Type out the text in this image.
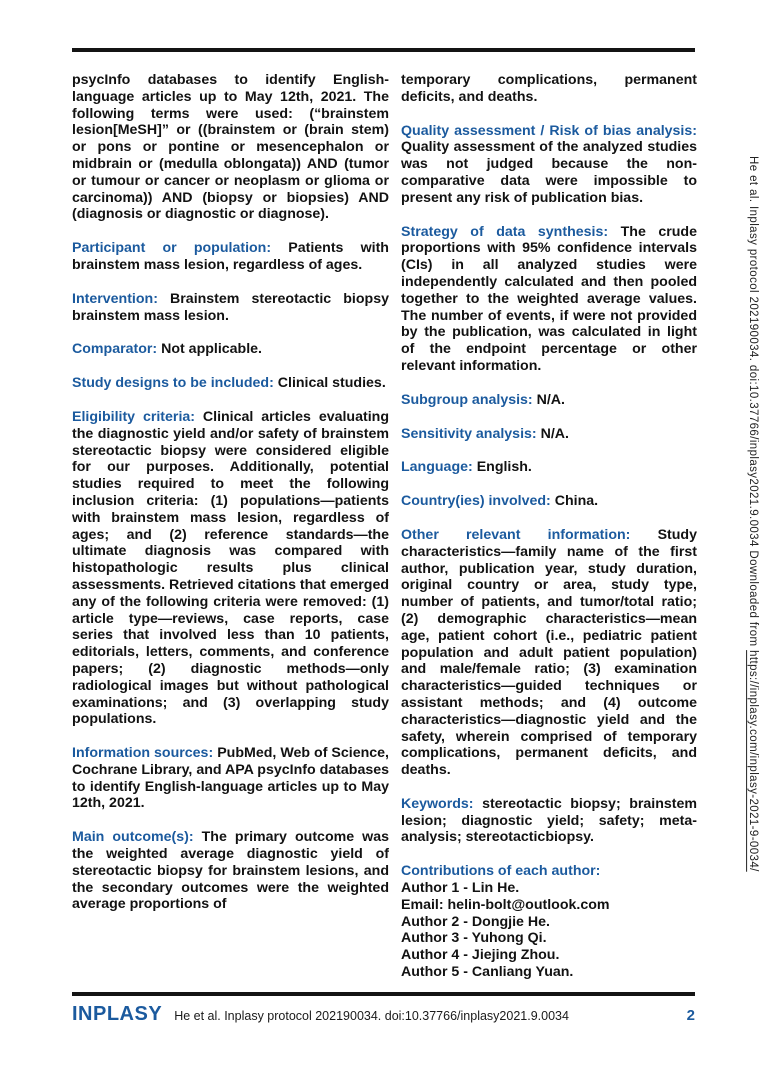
psycInfo databases to identify English-language articles up to May 12th, 2021. The following terms were used: (“brainstem lesion[MeSH]” or ((brainstem or (brain stem) or pons or pontine or mesencephalon or midbrain or (medulla oblongata)) AND (tumor or tumour or cancer or neoplasm or glioma or carcinoma)) AND (biopsy or biopsies) AND (diagnosis or diagnostic or diagnose).

Participant or population: Patients with brainstem mass lesion, regardless of ages.

Intervention: Brainstem stereotactic biopsy brainstem mass lesion.

Comparator: Not applicable.

Study designs to be included: Clinical studies.

Eligibility criteria: Clinical articles evaluating the diagnostic yield and/or safety of brainstem stereotactic biopsy were considered eligible for our purposes. Additionally, potential studies required to meet the following inclusion criteria: (1) populations—patients with brainstem mass lesion, regardless of ages; and (2) reference standards—the ultimate diagnosis was compared with histopathologic results plus clinical assessments. Retrieved citations that emerged any of the following criteria were removed: (1) article type—reviews, case reports, case series that involved less than 10 patients, editorials, letters, comments, and conference papers; (2) diagnostic methods—only radiological images but without pathological examinations; and (3) overlapping study populations.

Information sources: PubMed, Web of Science, Cochrane Library, and APA psycInfo databases to identify English-language articles up to May 12th, 2021.

Main outcome(s): The primary outcome was the weighted average diagnostic yield of stereotactic biopsy for brainstem lesions, and the secondary outcomes were the weighted average proportions of

temporary complications, permanent deficits, and deaths.

Quality assessment / Risk of bias analysis: Quality assessment of the analyzed studies was not judged because the non-comparative data were impossible to present any risk of publication bias.

Strategy of data synthesis: The crude proportions with 95% confidence intervals (CIs) in all analyzed studies were independently calculated and then pooled together to the weighted average values. The number of events, if were not provided by the publication, was calculated in light of the endpoint percentage or other relevant information.

Subgroup analysis: N/A.

Sensitivity analysis: N/A.

Language: English.

Country(ies) involved: China.

Other relevant information: Study characteristics—family name of the first author, publication year, study duration, original country or area, study type, number of patients, and tumor/total ratio; (2) demographic characteristics—mean age, patient cohort (i.e., pediatric patient population and adult patient population) and male/female ratio; (3) examination characteristics—guided techniques or assistant methods; and (4) outcome characteristics—diagnostic yield and the safety, wherein comprised of temporary complications, permanent deficits, and deaths.

Keywords: stereotactic biopsy; brainstem lesion; diagnostic yield; safety; meta-analysis; stereotacticbiopsy.

Contributions of each author:

Author 1 - Lin He.

Email: helin-bolt@outlook.com

Author 2 - Dongjie He.

Author 3 - Yuhong Qi.

Author 4 - Jiejing Zhou.

Author 5 - Canliang Yuan.

He et al. Inplasy protocol 202190034. doi:10.37766/inplasy2021.9.0034 Downloaded from https://inplasy.com/inplasy-2021-9-0034/
INPLASY He et al. Inplasy protocol 202190034. doi:10.37766/inplasy2021.9.0034	2
